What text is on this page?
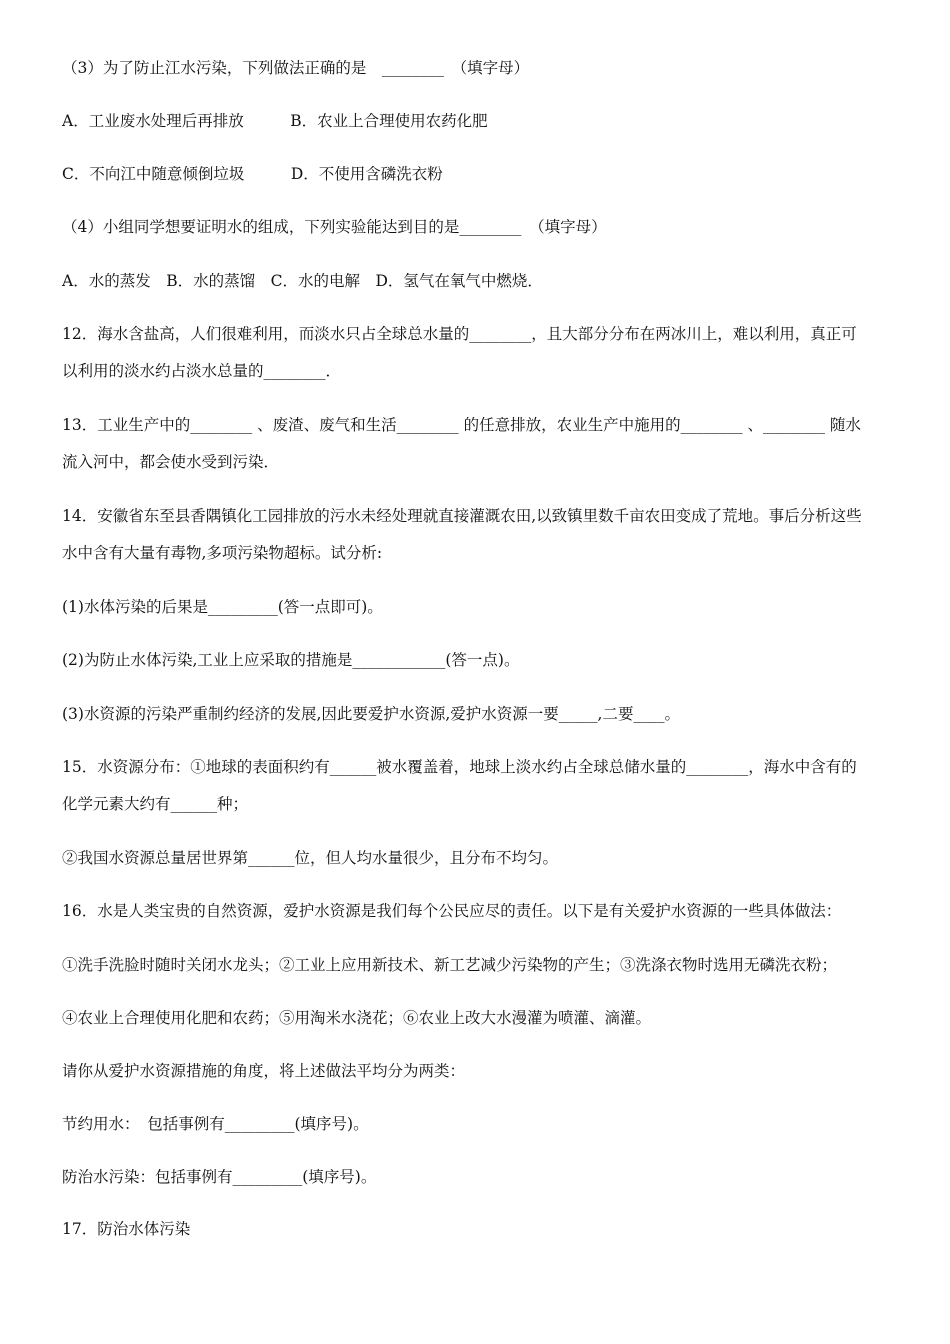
（3）为了防止江水污染，下列做法正确的是　________　（填字母）
A．工业废水处理后再排放　　　B．农业上合理使用农药化肥
C．不向江中随意倾倒垃圾　　　D．不使用含磷洗衣粉
（4）小组同学想要证明水的组成，下列实验能达到目的是________　（填字母）
A．水的蒸发　B．水的蒸馏　C．水的电解　D．氢气在氧气中燃烧．
12．海水含盐高，人们很难利用，而淡水只占全球总水量的________，且大部分分布在两冰川上，难以利用，真正可
以利用的淡水约占淡水总量的________．
13．工业生产中的________ 、废渣、废气和生活________ 的任意排放，农业生产中施用的________ 、________ 随水
流入河中，都会使水受到污染．
14．安徽省东至县香隅镇化工园排放的污水未经处理就直接灌溉农田,以致镇里数千亩农田变成了荒地。事后分析这些
水中含有大量有毒物,多项污染物超标。试分析:
(1)水体污染的后果是_________(答一点即可)。
(2)为防止水体污染,工业上应采取的措施是____________(答一点)。
(3)水资源的污染严重制约经济的发展,因此要爱护水资源,爱护水资源一要_____,二要____。
15．水资源分布：①地球的表面积约有______被水覆盖着，地球上淡水约占全球总储水量的________，海水中含有的
化学元素大约有______种；
②我国水资源总量居世界第______位，但人均水量很少，且分布不均匀。
16．水是人类宝贵的自然资源，爱护水资源是我们每个公民应尽的责任。以下是有关爱护水资源的一些具体做法：
①洗手洗脸时随时关闭水龙头；②工业上应用新技术、新工艺减少污染物的产生；③洗涤衣物时选用无磷洗衣粉；
④农业上合理使用化肥和农药；⑤用淘米水浇花；⑥农业上改大水漫灌为喷灌、滴灌。
请你从爱护水资源措施的角度，将上述做法平均分为两类：
节约用水：　包括事例有_________(填序号)。
防治水污染：包括事例有_________(填序号)。
17．防治水体污染
